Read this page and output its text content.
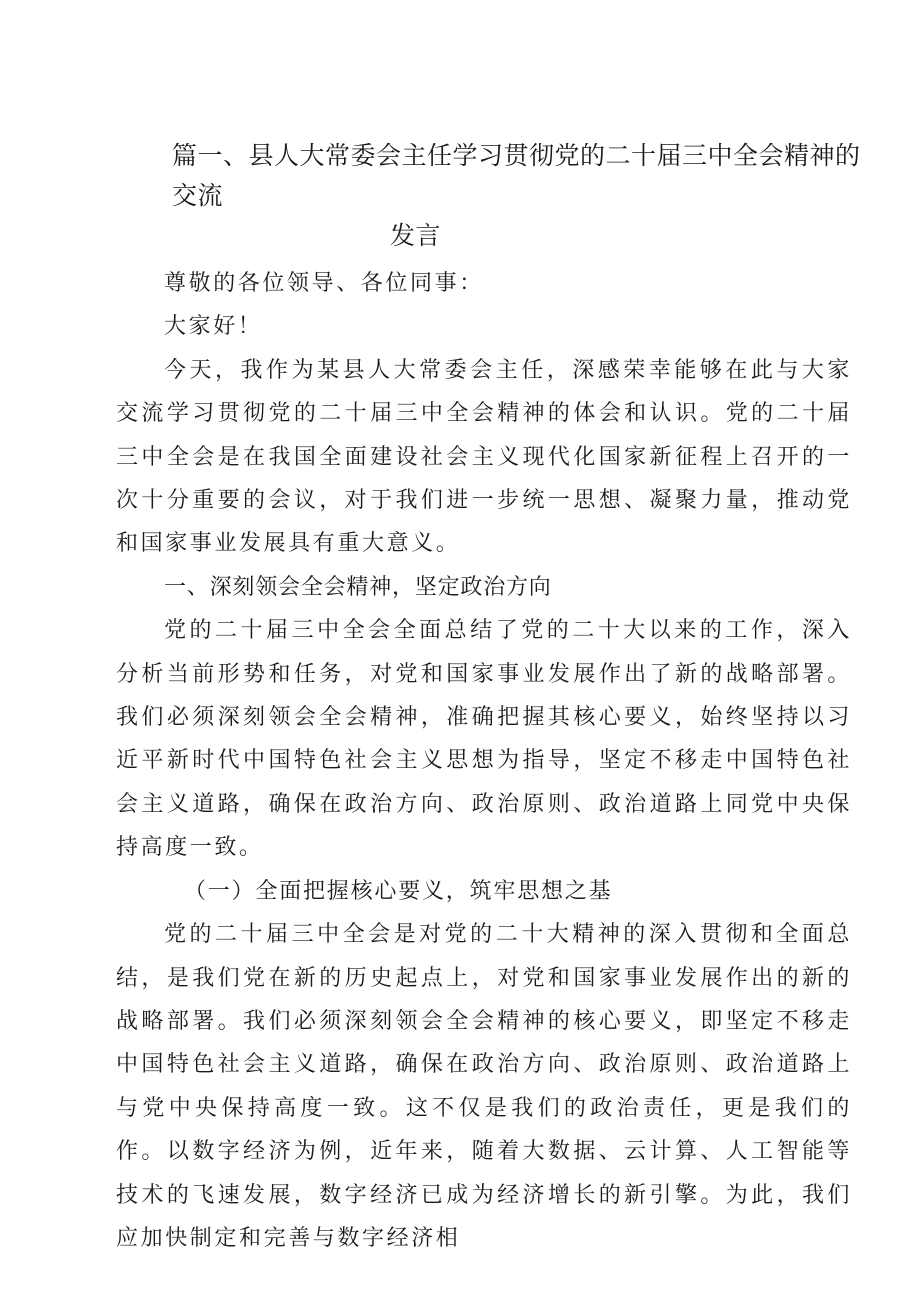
篇一、县人大常委会主任学习贯彻党的二十届三中全会精神的交流
发言

尊敬的各位领导、各位同事：

大家好！

今天，我作为某县人大常委会主任，深感荣幸能够在此与大家交流学习贯彻党的二十届三中全会精神的体会和认识。党的二十届三中全会是在我国全面建设社会主义现代化国家新征程上召开的一次十分重要的会议，对于我们进一步统一思想、凝聚力量，推动党和国家事业发展具有重大意义。

一、深刻领会全会精神，坚定政治方向

党的二十届三中全会全面总结了党的二十大以来的工作，深入分析当前形势和任务，对党和国家事业发展作出了新的战略部署。我们必须深刻领会全会精神，准确把握其核心要义，始终坚持以习近平新时代中国特色社会主义思想为指导，坚定不移走中国特色社会主义道路，确保在政治方向、政治原则、政治道路上同党中央保持高度一致。

（一）全面把握核心要义，筑牢思想之基

党的二十届三中全会是对党的二十大精神的深入贯彻和全面总结，是我们党在新的历史起点上，对党和国家事业发展作出的新的战略部署。我们必须深刻领会全会精神的核心要义，即坚定不移走中国特色社会主义道路，确保在政治方向、政治原则、政治道路上与党中央保持高度一致。这不仅是我们的政治责任，更是我们的作。以数字经济为例，近年来，随着大数据、云计算、人工智能等技术的飞速发展，数字经济已成为经济增长的新引擎。为此，我们应加快制定和完善与数字经济相
